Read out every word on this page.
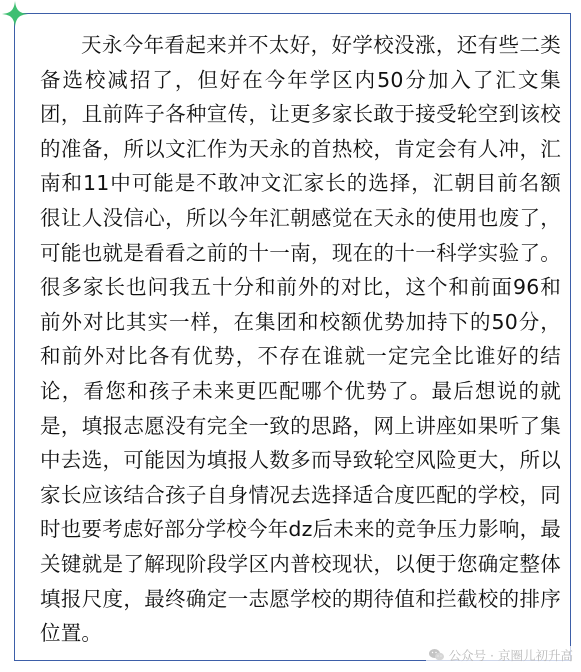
天永今年看起来并不太好，好学校没涨，还有些二类备选校减招了，但好在今年学区内50分加入了汇文集团，且前阵子各种宣传，让更多家长敢于接受轮空到该校的准备，所以文汇作为天永的首热校，肯定会有人冲，汇南和11中可能是不敢冲文汇家长的选择，汇朝目前名额很让人没信心，所以今年汇朝感觉在天永的使用也废了，可能也就是看看之前的十一南，现在的十一科学实验了。很多家长也问我五十分和前外的对比，这个和前面96和前外对比其实一样，在集团和校额优势加持下的50分，和前外对比各有优势，不存在谁就一定完全比谁好的结论，看您和孩子未来更匹配哪个优势了。最后想说的就是，填报志愿没有完全一致的思路，网上讲座如果听了集中去选，可能因为填报人数多而导致轮空风险更大，所以家长应该结合孩子自身情况去选择适合度匹配的学校，同时也要考虑好部分学校今年dz后未来的竞争压力影响，最关键就是了解现阶段学区内普校现状，以便于您确定整体填报尺度，最终确定一志愿学校的期待值和拦截校的排序位置。

公众号 · 京圈儿初升高
